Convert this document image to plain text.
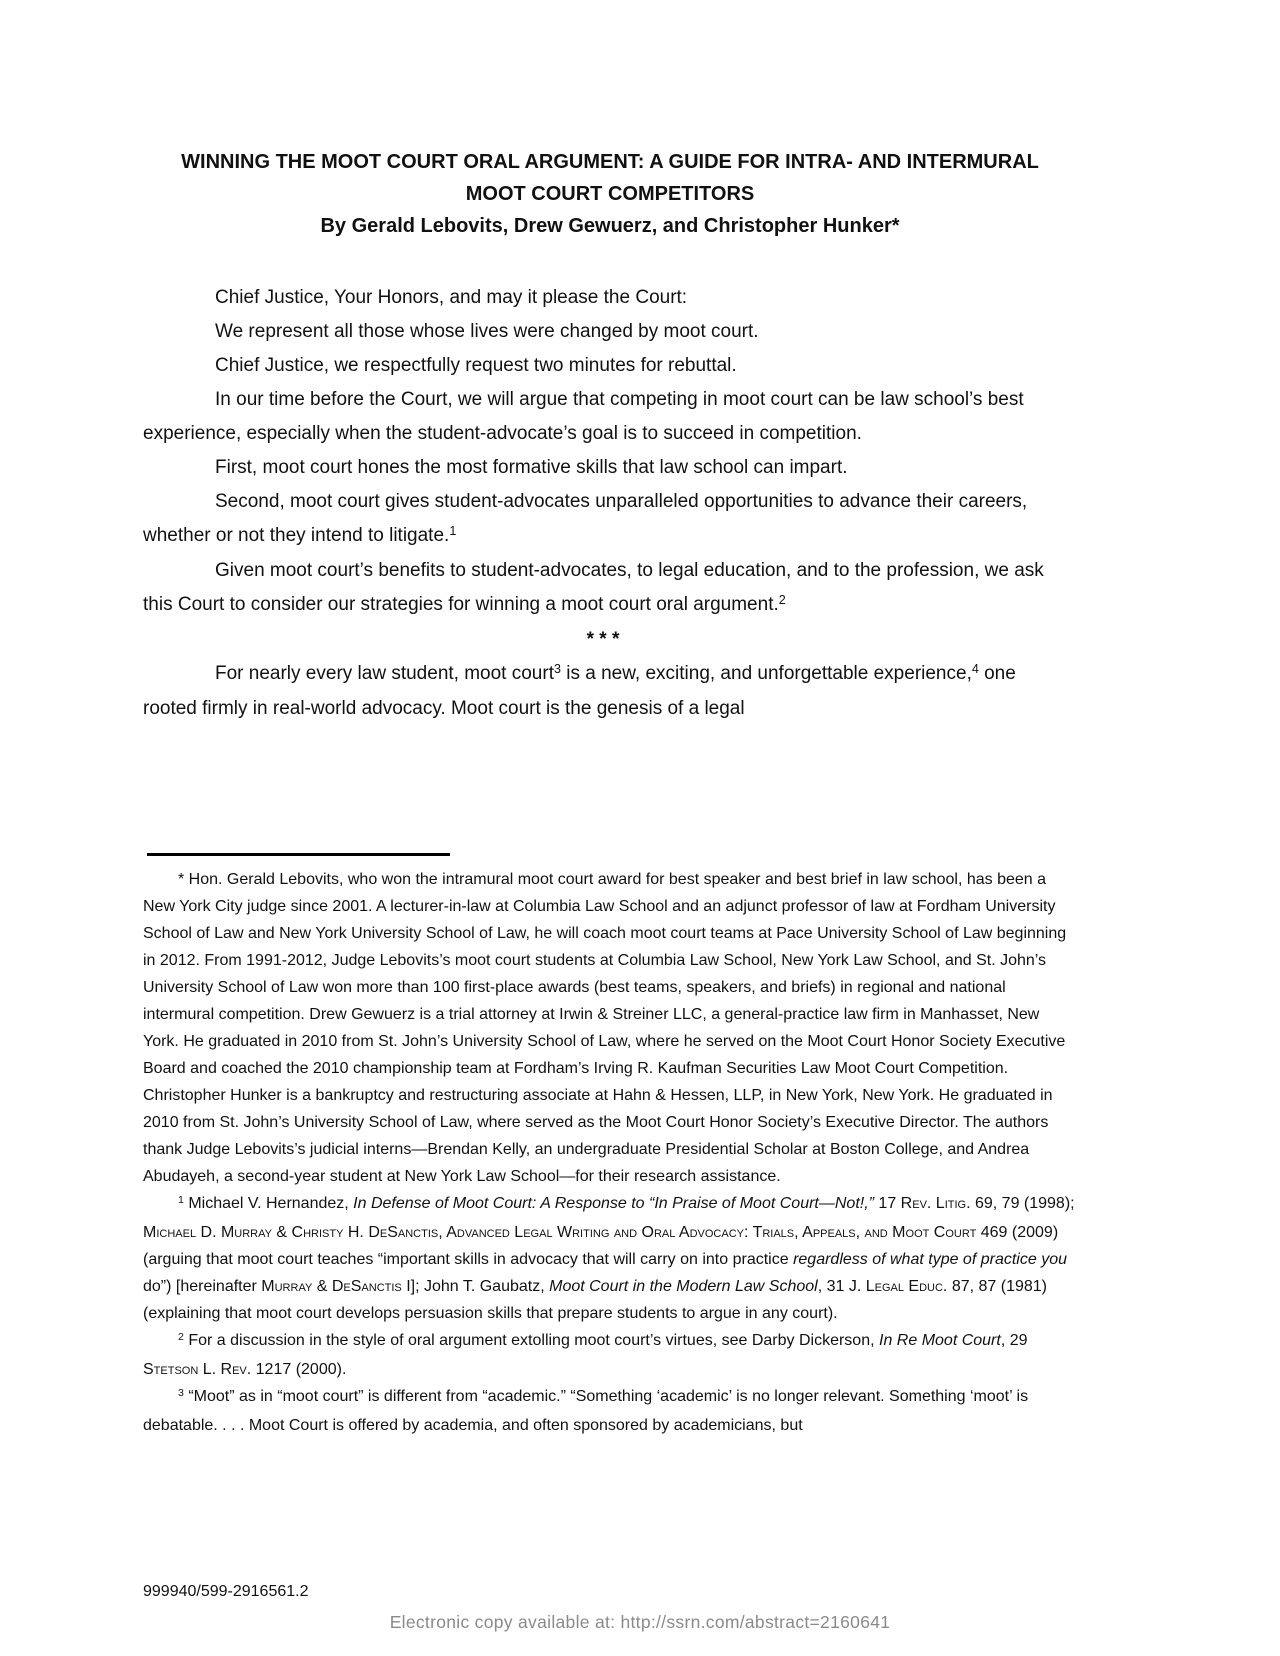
WINNING THE MOOT COURT ORAL ARGUMENT: A GUIDE FOR INTRA- AND INTERMURAL
MOOT COURT COMPETITORS
By Gerald Lebovits, Drew Gewuerz, and Christopher Hunker*

Chief Justice, Your Honors, and may it please the Court:

We represent all those whose lives were changed by moot court.

Chief Justice, we respectfully request two minutes for rebuttal.

In our time before the Court, we will argue that competing in moot court can be law school’s best experience, especially when the student-advocate’s goal is to succeed in competition.

First, moot court hones the most formative skills that law school can impart.

Second, moot court gives student-advocates unparalleled opportunities to advance their careers, whether or not they intend to litigate.$^1$

Given moot court’s benefits to student-advocates, to legal education, and to the profession, we ask this Court to consider our strategies for winning a moot court oral argument.$^2$

* * *

For nearly every law student, moot court$^3$ is a new, exciting, and unforgettable experience,$^4$ one rooted firmly in real-world advocacy. Moot court is the genesis of a legal

* Hon. Gerald Lebovits, who won the intramural moot court award for best speaker and best brief in law school, has been a New York City judge since 2001. A lecturer-in-law at Columbia Law School and an adjunct professor of law at Fordham University School of Law and New York University School of Law, he will coach moot court teams at Pace University School of Law beginning in 2012. From 1991-2012, Judge Lebovits’s moot court students at Columbia Law School, New York Law School, and St. John’s University School of Law won more than 100 first-place awards (best teams, speakers, and briefs) in regional and national intermural competition. Drew Gewuerz is a trial attorney at Irwin & Streiner LLC, a general-practice law firm in Manhasset, New York. He graduated in 2010 from St. John’s University School of Law, where he served on the Moot Court Honor Society Executive Board and coached the 2010 championship team at Fordham’s Irving R. Kaufman Securities Law Moot Court Competition. Christopher Hunker is a bankruptcy and restructuring associate at Hahn & Hessen, LLP, in New York, New York. He graduated in 2010 from St. John’s University School of Law, where served as the Moot Court Honor Society’s Executive Director. The authors thank Judge Lebovits’s judicial interns—Brendan Kelly, an undergraduate Presidential Scholar at Boston College, and Andrea Abudayeh, a second-year student at New York Law School—for their research assistance.

$^1$ Michael V. Hernandez, In Defense of Moot Court: A Response to “In Praise of Moot Court—Not!,” 17 Rev. Litig. 69, 79 (1998); Michael D. Murray & Christy H. DeSanctis, Advanced Legal Writing and Oral Advocacy: Trials, Appeals, and Moot Court 469 (2009) (arguing that moot court teaches “important skills in advocacy that will carry on into practice regardless of what type of practice you do”) [hereinafter Murray & DeSanctis I]; John T. Gaubatz, Moot Court in the Modern Law School, 31 J. Legal Educ. 87, 87 (1981) (explaining that moot court develops persuasion skills that prepare students to argue in any court).

$^2$ For a discussion in the style of oral argument extolling moot court’s virtues, see Darby Dickerson, In Re Moot Court, 29 Stetson L. Rev. 1217 (2000).

$^3$ “Moot” as in “moot court” is different from “academic.” “Something ‘academic’ is no longer relevant. Something ‘moot’ is debatable. . . . Moot Court is offered by academia, and often sponsored by academicians, but

999940/599-2916561.2
Electronic copy available at: http://ssrn.com/abstract=2160641
